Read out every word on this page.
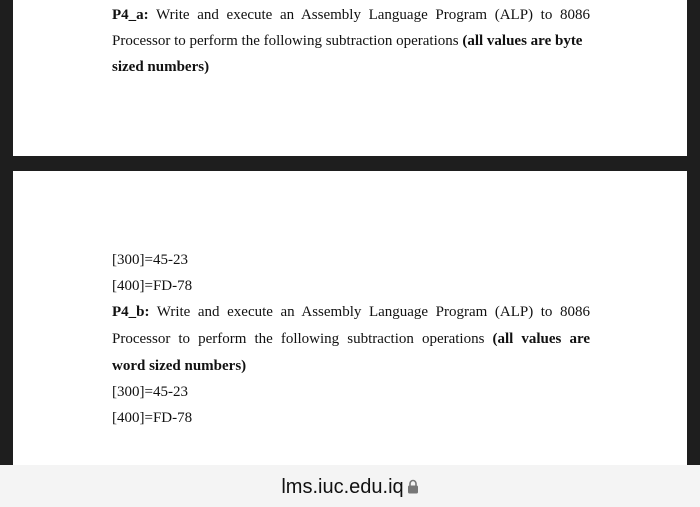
P4_a: Write and execute an Assembly Language Program (ALP) to 8086
Processor to perform the following subtraction operations (all values are byte
sized numbers)
[300]=45-23
[400]=FD-78
P4_b: Write and execute an Assembly Language Program (ALP) to 8086
Processor to perform the following subtraction operations (all values are
word sized numbers)
[300]=45-23
[400]=FD-78
lms.iuc.edu.iq
